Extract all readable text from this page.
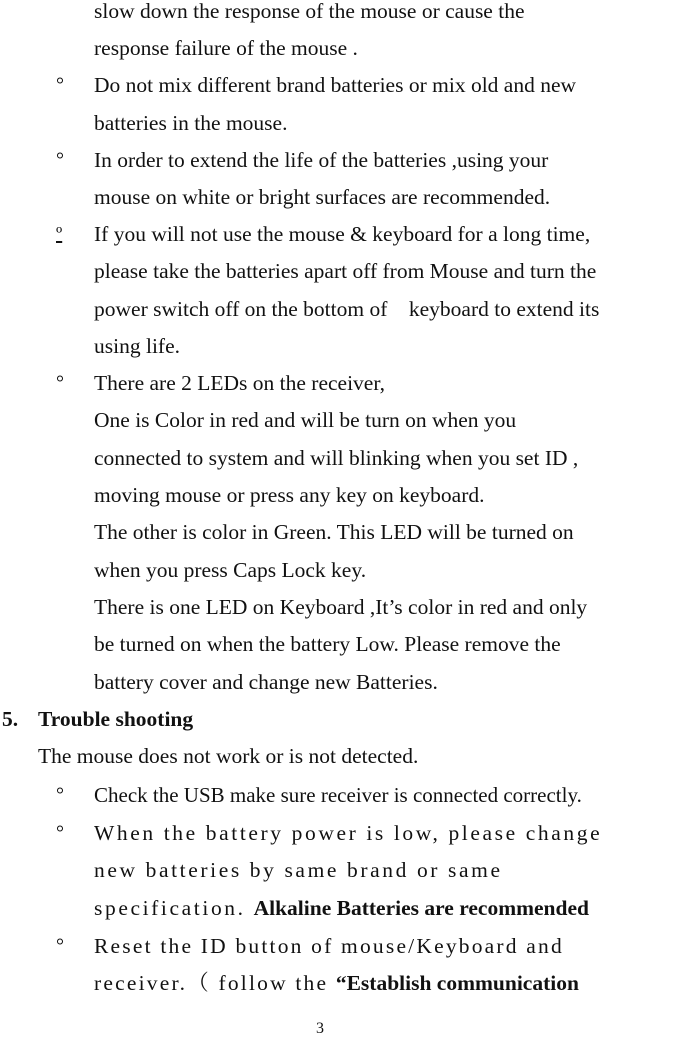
slow down the response of the mouse or cause the
response failure of the mouse .
° Do not mix different brand batteries or mix old and new
batteries in the mouse.
° In order to extend the life of the batteries ,using your
mouse on white or bright surfaces are recommended.
º If you will not use the mouse & keyboard for a long time,
please take the batteries apart off from Mouse and turn the
power switch off on the bottom of    keyboard to extend its
using life.
° There are 2 LEDs on the receiver,
One is Color in red and will be turn on when you
connected to system and will blinking when you set ID ,
moving mouse or press any key on keyboard.
The other is color in Green. This LED will be turned on
when you press Caps Lock key.
There is one LED on Keyboard ,It’s color in red and only
be turned on when the battery Low. Please remove the
battery cover and change new Batteries.
5. Trouble shooting
The mouse does not work or is not detected.
° Check the USB make sure receiver is connected correctly.
° When the battery power is low, please change
new batteries by same brand or same
specification. Alkaline Batteries are recommended
° Reset the ID button of mouse/Keyboard and
receiver.（ follow the “Establish communication
3
